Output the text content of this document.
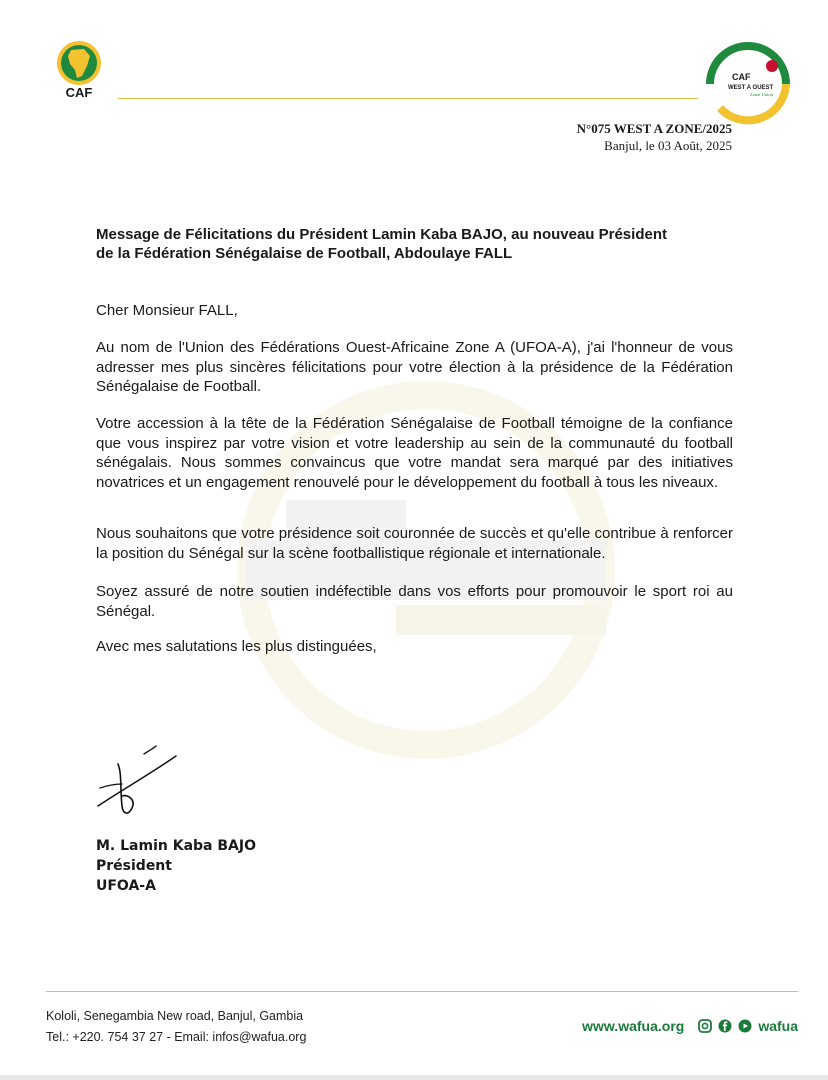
CAF
CAF
WEST A OUEST
Zonal Union
N°075 WEST A ZONE/2025
Banjul, le 03 Août, 2025
Message de Félicitations du Président Lamin Kaba BAJO, au nouveau Président
de la Fédération Sénégalaise de Football, Abdoulaye FALL
Cher Monsieur FALL,

Au nom de l'Union des Fédérations Ouest-Africaine Zone A (UFOA-A), j'ai l'honneur de vous adresser mes plus sincères félicitations pour votre élection à la présidence de la Fédération Sénégalaise de Football.

Votre accession à la tête de la Fédération Sénégalaise de Football témoigne de la confiance que vous inspirez par votre vision et votre leadership au sein de la communauté du football sénégalais. Nous sommes convaincus que votre mandat sera marqué par des initiatives novatrices et un engagement renouvelé pour le développement du football à tous les niveaux.

Nous souhaitons que votre présidence soit couronnée de succès et qu'elle contribue à renforcer la position du Sénégal sur la scène footballistique régionale et internationale.

Soyez assuré de notre soutien indéfectible dans vos efforts pour promouvoir le sport roi au Sénégal.

Avec mes salutations les plus distinguées,
M. Lamin Kaba BAJO
Président
UFOA-A
Kololi, Senegambia New road, Banjul, Gambia
Tel.: +220. 754 37 27 - Email: infos@wafua.org
www.wafua.org	wafua
